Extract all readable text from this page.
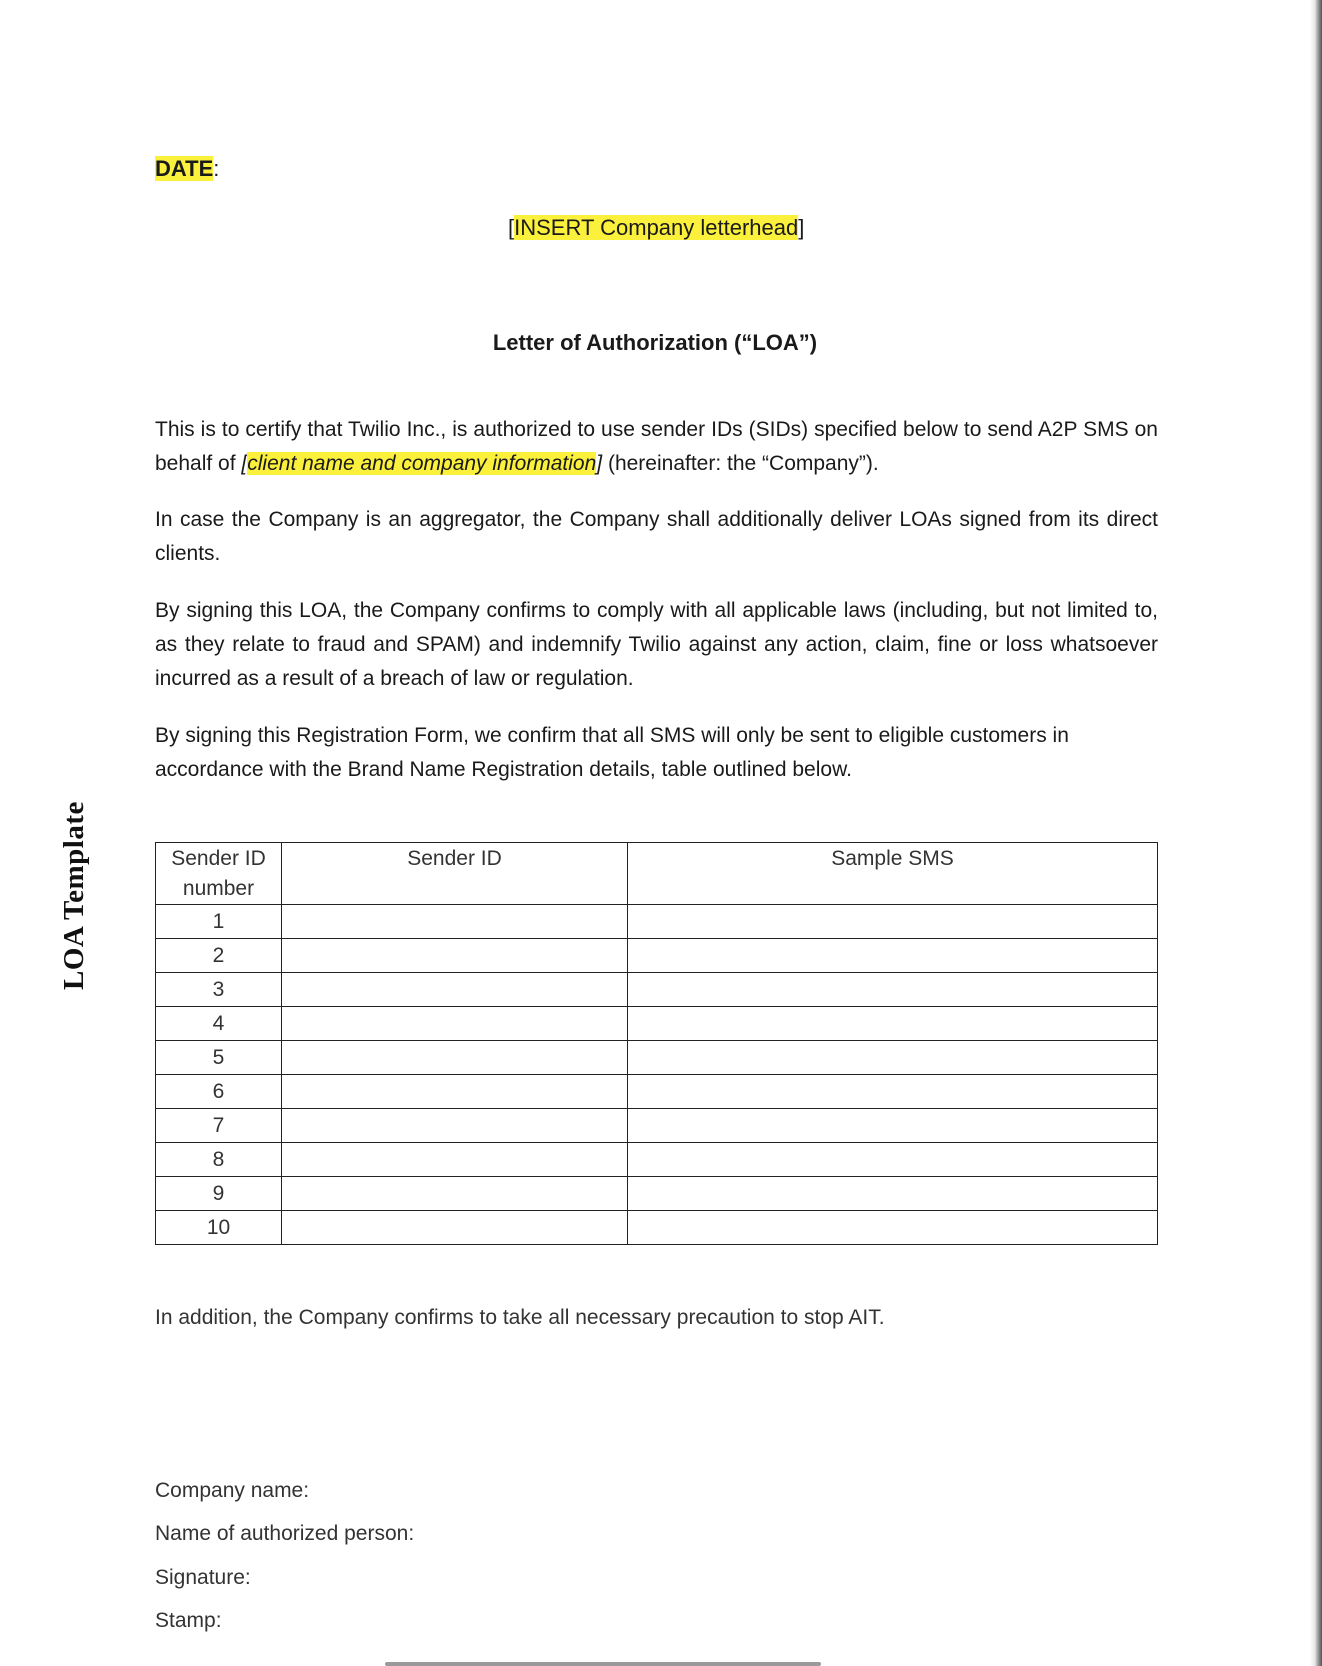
LOA Template
DATE:
[INSERT Company letterhead]
Letter of Authorization (“LOA”)
This is to certify that Twilio Inc., is authorized to use sender IDs (SIDs) specified below to send A2P SMS on behalf of [client name and company information] (hereinafter: the “Company”).
In case the Company is an aggregator, the Company shall additionally deliver LOAs signed from its direct clients.
By signing this LOA, the Company confirms to comply with all applicable laws (including, but not limited to, as they relate to fraud and SPAM) and indemnify Twilio against any action, claim, fine or loss whatsoever incurred as a result of a breach of law or regulation.
By signing this Registration Form, we confirm that all SMS will only be sent to eligible customers in accordance with the Brand Name Registration details, table outlined below.
Sender ID number	Sender ID	Sample SMS
1		
2		
3		
4		
5		
6		
7		
8		
9		
10		
In addition, the Company confirms to take all necessary precaution to stop AIT.
Company name:
Name of authorized person:
Signature:
Stamp:
